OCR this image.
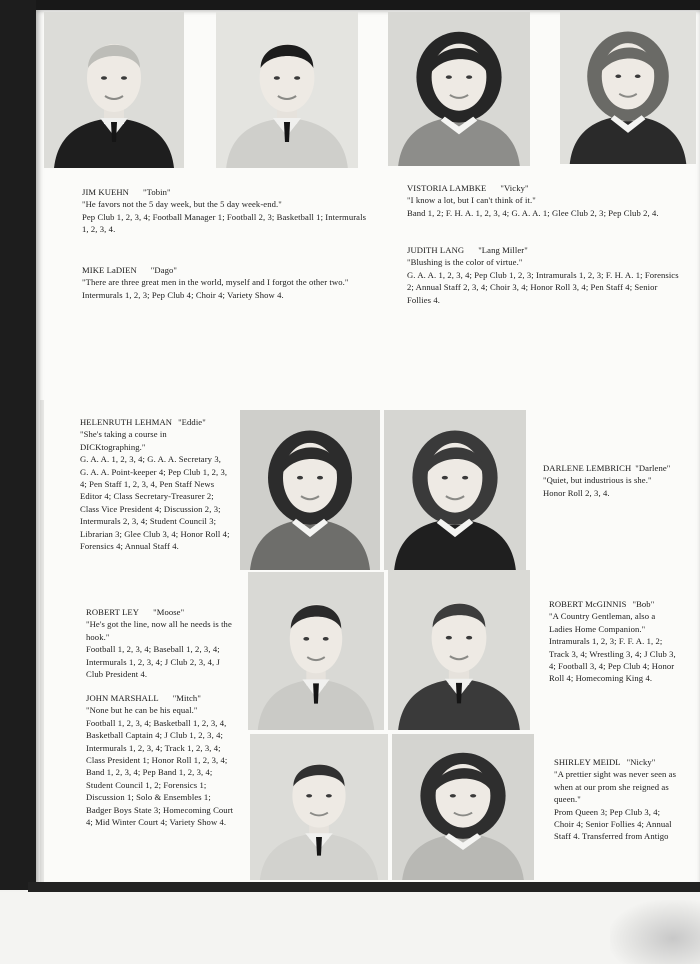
JIM KUEHN "Tobin"

"He favors not the 5 day week, but the 5 day week-end."

Pep Club 1, 2, 3, 4; Football Manager 1; Football 2, 3; Basketball 1; Intermurals 1, 2, 3, 4.

MIKE LaDIEN "Dago"

"There are three great men in the world, myself and I forgot the other two."

Intermurals 1, 2, 3; Pep Club 4; Choir 4; Variety Show 4.

VISTORIA LAMBKE "Vicky"

"I know a lot, but I can't think of it."

Band 1, 2; F. H. A. 1, 2, 3, 4; G. A. A. 1; Glee Club 2, 3; Pep Club 2, 4.

JUDITH LANG "Lang Miller"

"Blushing is the color of virtue."

G. A. A. 1, 2, 3, 4; Pep Club 1, 2, 3; Intramurals 1, 2, 3; F. H. A. 1; Forensics 2; Annual Staff 2, 3, 4; Choir 3, 4; Honor Roll 3, 4; Pen Staff 4; Senior Follies 4.

HELENRUTH LEHMAN "Eddie"

"She's taking a course in DICKtographing."

G. A. A. 1, 2, 3, 4; G. A. A. Secretary 3, G. A. A. Point-keeper 4; Pep Club 1, 2, 3, 4; Pen Staff 1, 2, 3, 4, Pen Staff News Editor 4; Class Secretary-Treasurer 2; Class Vice President 4; Discussion 2, 3; Intermurals 2, 3, 4; Student Council 3; Librarian 3; Glee Club 3, 4; Honor Roll 4; Forensics 4; Annual Staff 4.

DARLENE LEMBRICH "Darlene"

"Quiet, but industrious is she."

Honor Roll 2, 3, 4.

ROBERT LEY "Moose"

"He's got the line, now all he needs is the hook."

Football 1, 2, 3, 4; Baseball 1, 2, 3, 4; Intermurals 1, 2, 3, 4; J Club 2, 3, 4, J Club President 4.

ROBERT McGINNIS "Bob"

"A Country Gentleman, also a Ladies Home Companion."

Intramurals 1, 2, 3; F. F. A. 1, 2; Track 3, 4; Wrestling 3, 4; J Club 3, 4; Football 3, 4; Pep Club 4; Honor Roll 4; Homecoming King 4.

JOHN MARSHALL "Mitch"

"None but he can be his equal."

Football 1, 2, 3, 4; Basketball 1, 2, 3, 4, Basketball Captain 4; J Club 1, 2, 3, 4; Intermurals 1, 2, 3, 4; Track 1, 2, 3, 4; Class President 1; Honor Roll 1, 2, 3, 4; Band 1, 2, 3, 4; Pep Band 1, 2, 3, 4; Student Council 1, 2; Forensics 1; Discussion 1; Solo & Ensembles 1; Badger Boys State 3; Homecoming Court 4; Mid Winter Court 4; Variety Show 4.

SHIRLEY MEIDL "Nicky"

"A prettier sight was never seen as when at our prom she reigned as queen."

Prom Queen 3; Pep Club 3, 4; Choir 4; Senior Follies 4; Annual Staff 4. Transferred from Antigo
